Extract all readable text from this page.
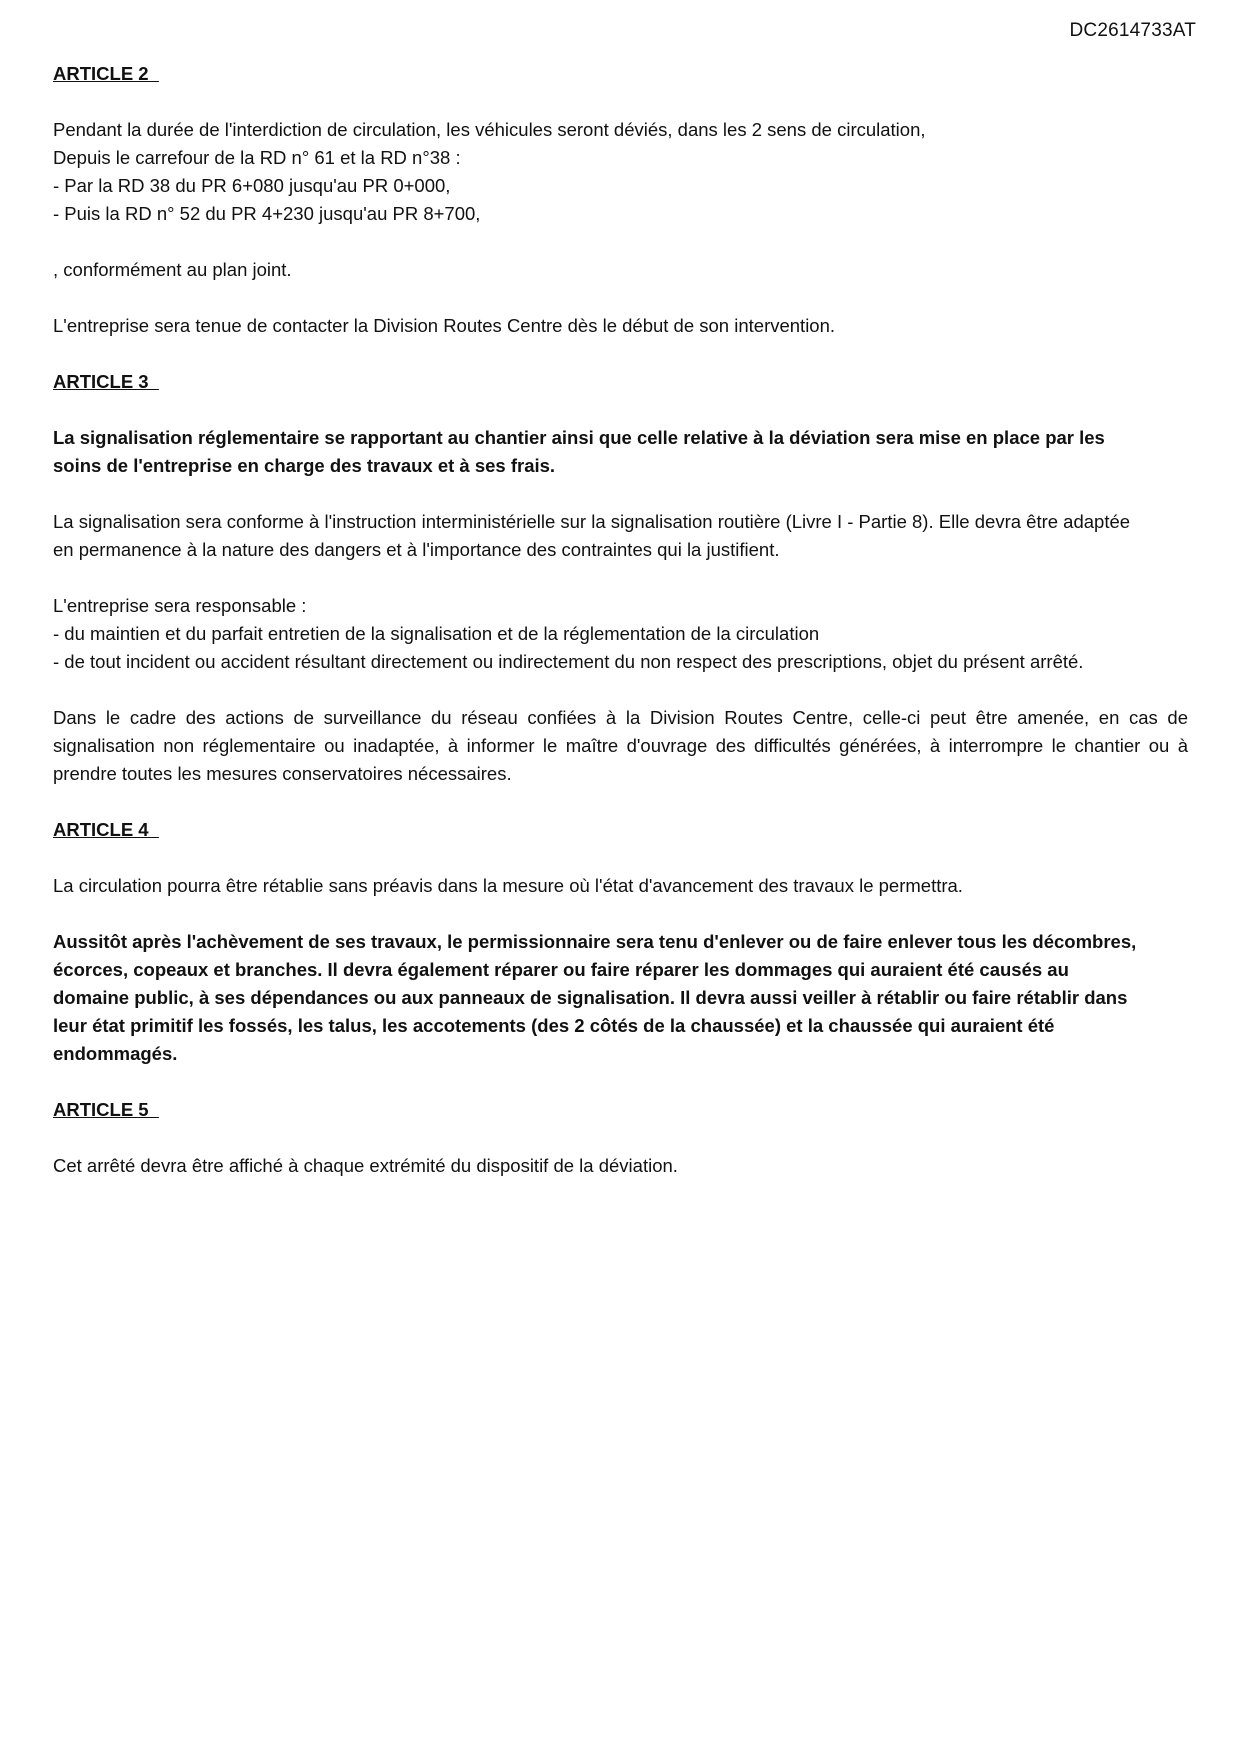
DC2614733AT
ARTICLE 2

Pendant la durée de l'interdiction de circulation, les véhicules seront déviés, dans les 2 sens de circulation,
Depuis le carrefour de la RD n° 61 et la RD n°38 :
- Par la RD 38 du PR 6+080 jusqu'au PR 0+000,
- Puis la RD n° 52 du PR 4+230 jusqu'au PR 8+700,

, conformément au plan joint.

L'entreprise sera tenue de contacter la Division Routes Centre dès le début de son intervention.

ARTICLE 3

La signalisation réglementaire se rapportant au chantier ainsi que celle relative à la déviation sera mise en place par les
soins de l'entreprise en charge des travaux et à ses frais.

La signalisation sera conforme à l'instruction interministérielle sur la signalisation routière (Livre I - Partie 8). Elle devra être adaptée
en permanence à la nature des dangers et à l'importance des contraintes qui la justifient.

L'entreprise sera responsable :
- du maintien et du parfait entretien de la signalisation et de la réglementation de la circulation
- de tout incident ou accident résultant directement ou indirectement du non respect des prescriptions, objet du présent arrêté.

Dans le cadre des actions de surveillance du réseau confiées à la Division Routes Centre, celle-ci peut être amenée, en cas de signalisation non réglementaire ou inadaptée, à informer le maître d'ouvrage des difficultés générées, à interrompre le chantier ou à prendre toutes les mesures conservatoires nécessaires.

ARTICLE 4

La circulation pourra être rétablie sans préavis dans la mesure où l'état d'avancement des travaux le permettra.

Aussitôt après l'achèvement de ses travaux, le permissionnaire sera tenu d'enlever ou de faire enlever tous les décombres,
écorces, copeaux et branches. Il devra également réparer ou faire réparer les dommages qui auraient été causés au
domaine public, à ses dépendances ou aux panneaux de signalisation. Il devra aussi veiller à rétablir ou faire rétablir dans
leur état primitif les fossés, les talus, les accotements (des 2 côtés de la chaussée) et la chaussée qui auraient été
endommagés.

ARTICLE 5

Cet arrêté devra être affiché à chaque extrémité du dispositif de la déviation.
